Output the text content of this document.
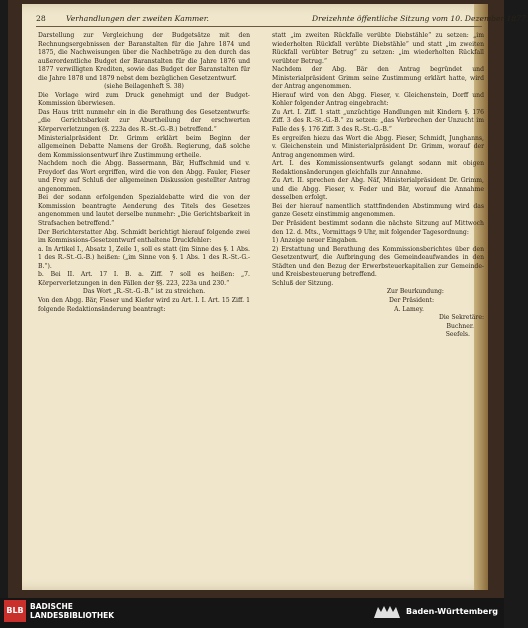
28	Verhandlungen der zweiten Kammer.	Dreizehnte öffentliche Sitzung vom 10. Dezember 1877.

Darstellung zur Vergleichung der Budgetsätze mit den Rechnungsergebnissen der Baranstalten für die Jahre 1874 und 1875, die Nachweisungen über die Nachbeträge zu den durch das außerordentliche Budget der Baranstalten für die Jahre 1876 und 1877 verwilligten Krediten, sowie das Budget der Baranstalten für die Jahre 1878 und 1879 nebst dem bezüglichen Gesetzentwurf.

(siehe Beilagenheft S. 38)

Die Vorlage wird zum Druck genehmigt und der Budget-Kommission überwiesen.

Das Haus tritt nunmehr ein in die Berathung des Gesetzentwurfs: „die Gerichtsbarkeit zur Aburtheilung der erschwerten Körperverletzungen (§. 223a des R.-St.-G.-B.) betreffend.“

Ministerialpräsident Dr. Grimm erklärt beim Beginn der allgemeinen Debatte Namens der Großh. Regierung, daß solche dem Kommissionsentwurf ihre Zustimmung ertheile.

Nachdem noch die Abgg. Bassermann, Bär, Huffschmid und v. Freydorf das Wort ergriffen, wird die von den Abgg. Fauler, Fieser und Frey auf Schluß der allgemeinen Diskussion gestellter Antrag angenommen.

Bei der sodann erfolgenden Spezialdebatte wird die von der Kommission beantragte Aenderung des Titels des Gesetzes angenommen und lautet derselbe nunmehr: „Die Gerichtsbarkeit in Strafsachen betreffend.“

Der Berichterstatter Abg. Schmidt berichtigt hierauf folgende zwei im Kommissions-Gesetzentwurf enthaltene Druckfehler:

a. In Artikel I., Absatz 1, Zeile 1, soll es statt (im Sinne des §. 1 Abs. 1 des R.-St.-G.-B.) heißen: („im Sinne von §. 1 Abs. 1 des R.-St.-G.-B.“).

b. Bei II. Art. 17 I. B. a. Ziff. 7 soll es heißen: „7. Körperverletzungen in den Fällen der §§. 223, 223a und 230.“

Das Wort „R.-St.-G.-B.“ ist zu streichen.

Von den Abgg. Bär, Fieser und Kiefer wird zu Art. I. I. Art. 15 Ziff. 1 folgende Redaktionsänderung beantragt:

statt „im zweiten Rückfalle verübte Diebstähle“ zu setzen: „im wiederholten Rückfall verübte Diebstähle“ und statt „im zweiten Rückfall verübter Betrug“ zu setzen: „im wiederholten Rückfall verübter Betrug.“

Nachdem der Abg. Bär den Antrag begründet und Ministerialpräsident Grimm seine Zustimmung erklärt hatte, wird der Antrag angenommen.

Hierauf wird von den Abgg. Fieser, v. Gleichenstein, Dorff und Kohler folgender Antrag eingebracht:

Zu Art. I. Ziff. 1 statt „unzüchtige Handlungen mit Kindern §. 176 Ziff. 3 des R.-St.-G.-B.“ zu setzen: „das Verbrechen der Unzucht im Falle des §. 176 Ziff. 3 des R.-St.-G.-B.“

Es ergreifen hiezu das Wort die Abgg. Fieser, Schmidt, Junghanns, v. Gleichenstein und Ministerialpräsident Dr. Grimm, worauf der Antrag angenommen wird.

Art. I. des Kommissionsentwurfs gelangt sodann mit obigen Redaktionsänderungen gleichfalls zur Annahme.

Zu Art. II. sprechen der Abg. Näf, Ministerialpräsident Dr. Grimm, und die Abgg. Fieser, v. Feder und Bär, worauf die Annahme desselben erfolgt.

Bei der hierauf namentlich stattfindenden Abstimmung wird das ganze Gesetz einstimmig angenommen.

Der Präsident bestimmt sodann die nächste Sitzung auf Mittwoch den 12. d. Mts., Vormittags 9 Uhr, mit folgender Tagesordnung:

1) Anzeige neuer Eingaben.

2) Erstattung und Berathung des Kommissionsberichtes über den Gesetzentwurf, die Aufbringung des Gemeindeaufwandes in den Städten und den Bezug der Erwerbsteuerkapitalien zur Gemeinde- und Kreisbesteuerung betreffend.

Schluß der Sitzung.

Zur Beurkundung:

Der Präsident:

A. Lamey.

Die Sekretäre:

Buchner.

Seefels.

BLB BADISCHE
LANDESBIBLIOTHEK	Baden-Württemberg
